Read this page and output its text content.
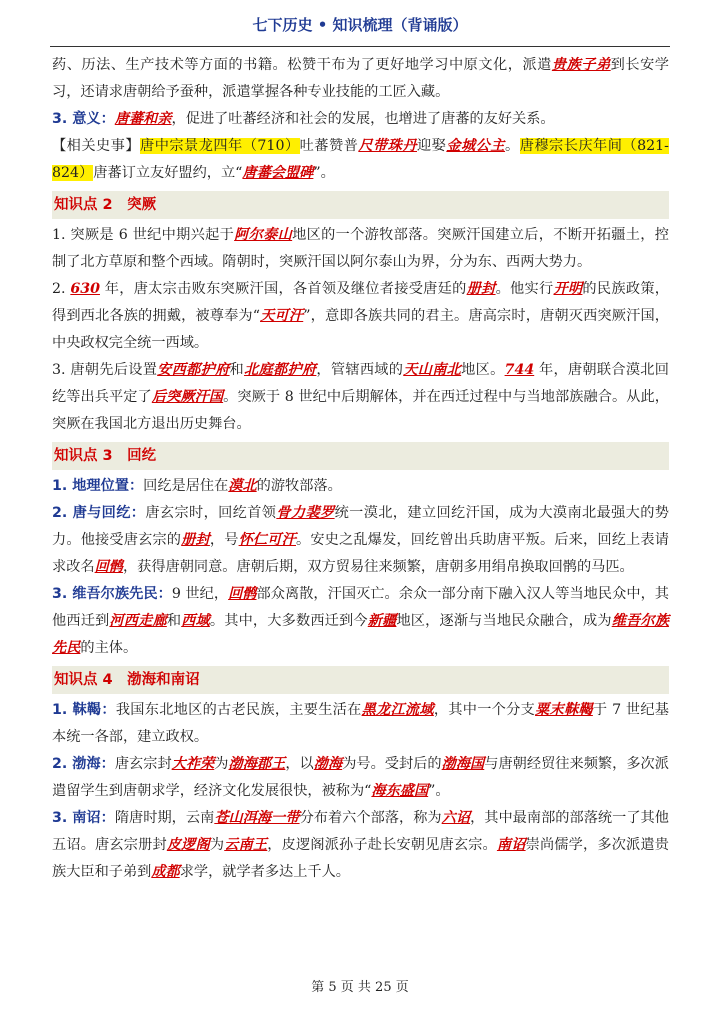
七下历史 • 知识梳理（背诵版）

药、历法、生产技术等方面的书籍。松赞干布为了更好地学习中原文化，派遣贵族子弟到长安学习，还请求唐朝给予蚕种，派遣掌握各种专业技能的工匠入藏。

3. 意义：唐蕃和亲，促进了吐蕃经济和社会的发展，也增进了唐蕃的友好关系。

【相关史事】唐中宗景龙四年（710）吐蕃赞普尺带珠丹迎娶金城公主。唐穆宗长庆年间（821-824）唐蕃订立友好盟约，立“唐蕃会盟碑”。

知识点 2　突厥

1. 突厥是 6 世纪中期兴起于阿尔泰山地区的一个游牧部落。突厥汗国建立后，不断开拓疆土，控制了北方草原和整个西域。隋朝时，突厥汗国以阿尔泰山为界，分为东、西两大势力。

2. 630 年，唐太宗击败东突厥汗国，各首领及继位者接受唐廷的册封。他实行开明的民族政策，得到西北各族的拥戴，被尊奉为“天可汗”，意即各族共同的君主。唐高宗时，唐朝灭西突厥汗国，中央政权完全统一西域。

3. 唐朝先后设置安西都护府和北庭都护府，管辖西域的天山南北地区。744 年，唐朝联合漠北回纥等出兵平定了后突厥汗国。突厥于 8 世纪中后期解体，并在西迁过程中与当地部族融合。从此，突厥在我国北方退出历史舞台。

知识点 3　回纥

1. 地理位置：回纥是居住在漠北的游牧部落。

2. 唐与回纥：唐玄宗时，回纥首领骨力裴罗统一漠北，建立回纥汗国，成为大漠南北最强大的势力。他接受唐玄宗的册封，号怀仁可汗。安史之乱爆发，回纥曾出兵助唐平叛。后来，回纥上表请求改名回鹘，获得唐朝同意。唐朝后期，双方贸易往来频繁，唐朝多用绢帛换取回鹘的马匹。

3. 维吾尔族先民：9 世纪，回鹘部众离散，汗国灭亡。余众一部分南下融入汉人等当地民众中，其他西迁到河西走廊和西域。其中，大多数西迁到今新疆地区，逐渐与当地民众融合，成为维吾尔族先民的主体。

知识点 4　渤海和南诏

1. 靺鞨：我国东北地区的古老民族，主要生活在黑龙江流域，其中一个分支粟末靺鞨于 7 世纪基本统一各部，建立政权。

2. 渤海：唐玄宗封大祚荣为渤海郡王，以渤海为号。受封后的渤海国与唐朝经贸往来频繁，多次派遣留学生到唐朝求学，经济文化发展很快，被称为“海东盛国”。

3. 南诏：隋唐时期，云南苍山洱海一带分布着六个部落，称为六诏，其中最南部的部落统一了其他五诏。唐玄宗册封皮逻阁为云南王，皮逻阁派孙子赴长安朝见唐玄宗。南诏崇尚儒学，多次派遣贵族大臣和子弟到成都求学，就学者多达上千人。

第 5 页 共 25 页
